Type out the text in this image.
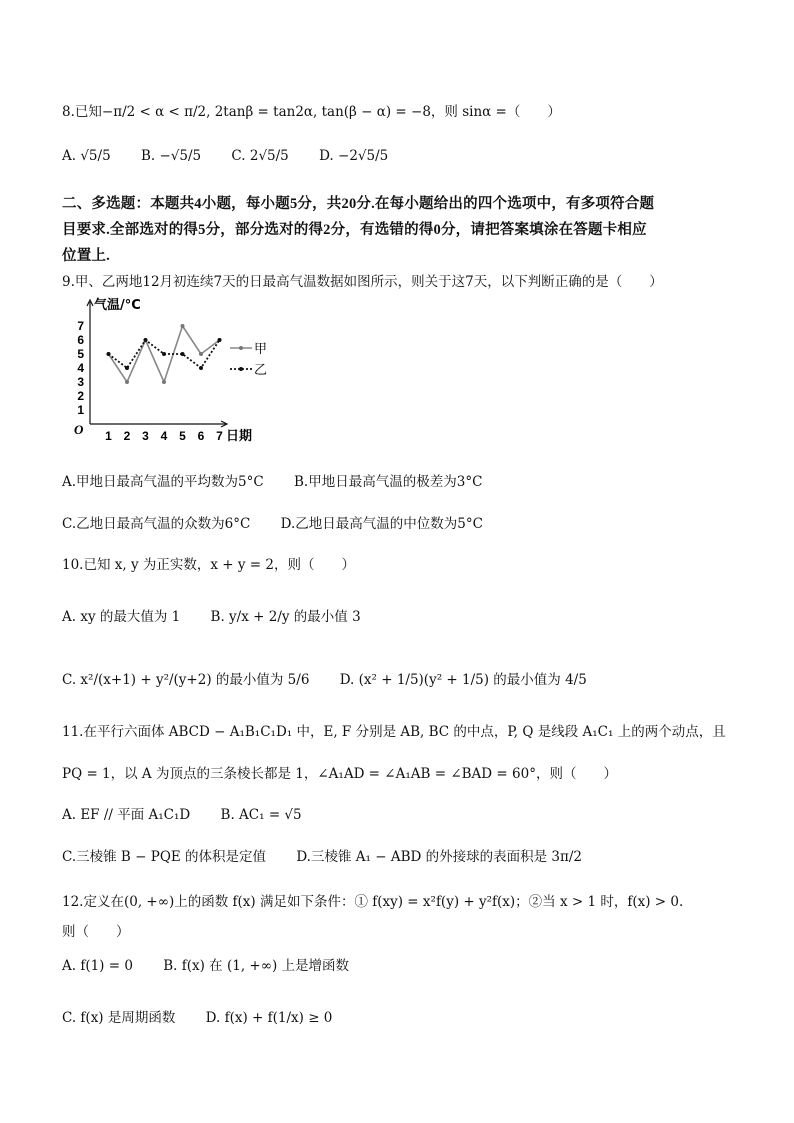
8.已知−π/2 < α < π/2, 2tanβ = tan2α, tan(β − α) = −8，则 sinα =（　　）
A. √5/5 B. −√5/5 C. 2√5/5 D. −2√5/5
二、多选题：本题共4小题，每小题5分，共20分.在每小题给出的四个选项中，有多项符合题
目要求.全部选对的得5分，部分选对的得2分，有选错的得0分，请把答案填涂在答题卡相应
位置上.
9.甲、乙两地12月初连续7天的日最高气温数据如图所示，则关于这7天，以下判断正确的是（　　）
气温/°C
日期
O
1
2
3
4
5
6
7
1 2 3 4 5 6 7
甲
乙
A.甲地日最高气温的平均数为5°C B.甲地日最高气温的极差为3°C
C.乙地日最高气温的众数为6°C D.乙地日最高气温的中位数为5°C
10.已知 x, y 为正实数，x + y = 2，则（　　）
A. xy 的最大值为 1 B. y/x + 2/y 的最小值 3
C. x²/(x+1) + y²/(y+2) 的最小值为 5/6 D. (x² + 1/5)(y² + 1/5) 的最小值为 4/5
11.在平行六面体 ABCD − A₁B₁C₁D₁ 中，E, F 分别是 AB, BC 的中点，P, Q 是线段 A₁C₁ 上的两个动点，且
PQ = 1，以 A 为顶点的三条棱长都是 1，∠A₁AD = ∠A₁AB = ∠BAD = 60°，则（　　）
A. EF // 平面 A₁C₁D B. AC₁ = √5
C.三棱锥 B − PQE 的体积是定值 D.三棱锥 A₁ − ABD 的外接球的表面积是 3π/2
12.定义在(0, +∞)上的函数 f(x) 满足如下条件：① f(xy) = x²f(y) + y²f(x)；②当 x > 1 时，f(x) > 0.
则（　　）
A. f(1) = 0 B. f(x) 在 (1, +∞) 上是增函数
C. f(x) 是周期函数 D. f(x) + f(1/x) ≥ 0
